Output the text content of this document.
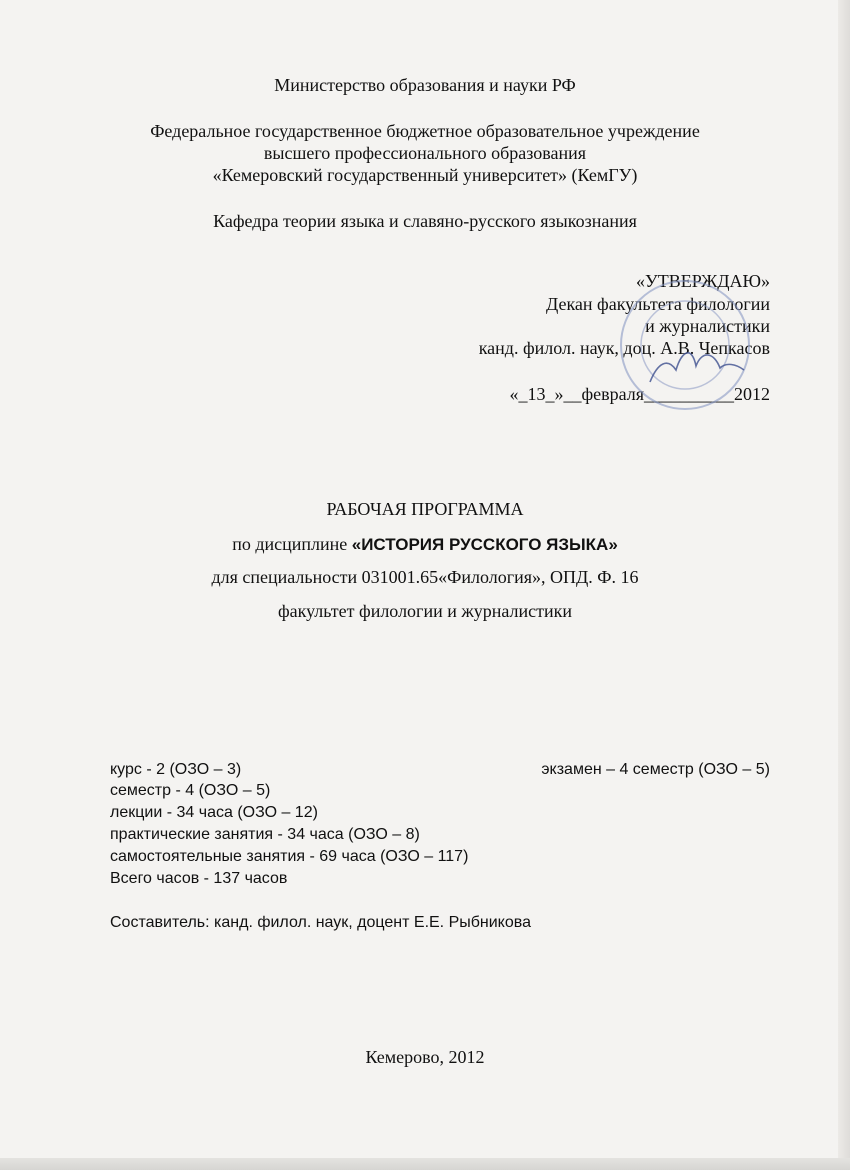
Министерство образования и науки РФ
Федеральное государственное бюджетное образовательное учреждение
высшего профессионального образования
«Кемеровский государственный университет» (КемГУ)
Кафедра теории языка и славяно-русского языкознания
«УТВЕРЖДАЮ»
Декан факультета филологии
и журналистики
канд. филол. наук, доц. А.В. Чепкасов
«_13_»__февраля__________2012
РАБОЧАЯ ПРОГРАММА
по дисциплине «ИСТОРИЯ РУССКОГО ЯЗЫКА»
для специальности 031001.65«Филология», ОПД. Ф. 16
факультет филологии и журналистики
курс - 2 (ОЗО – 3)	экзамен – 4 семестр (ОЗО – 5)
семестр - 4 (ОЗО – 5)
лекции - 34 часа (ОЗО – 12)
практические занятия - 34 часа (ОЗО – 8)
самостоятельные занятия - 69 часа (ОЗО – 117)
Всего часов - 137 часов
Составитель: канд. филол. наук, доцент Е.Е. Рыбникова
Кемерово, 2012
